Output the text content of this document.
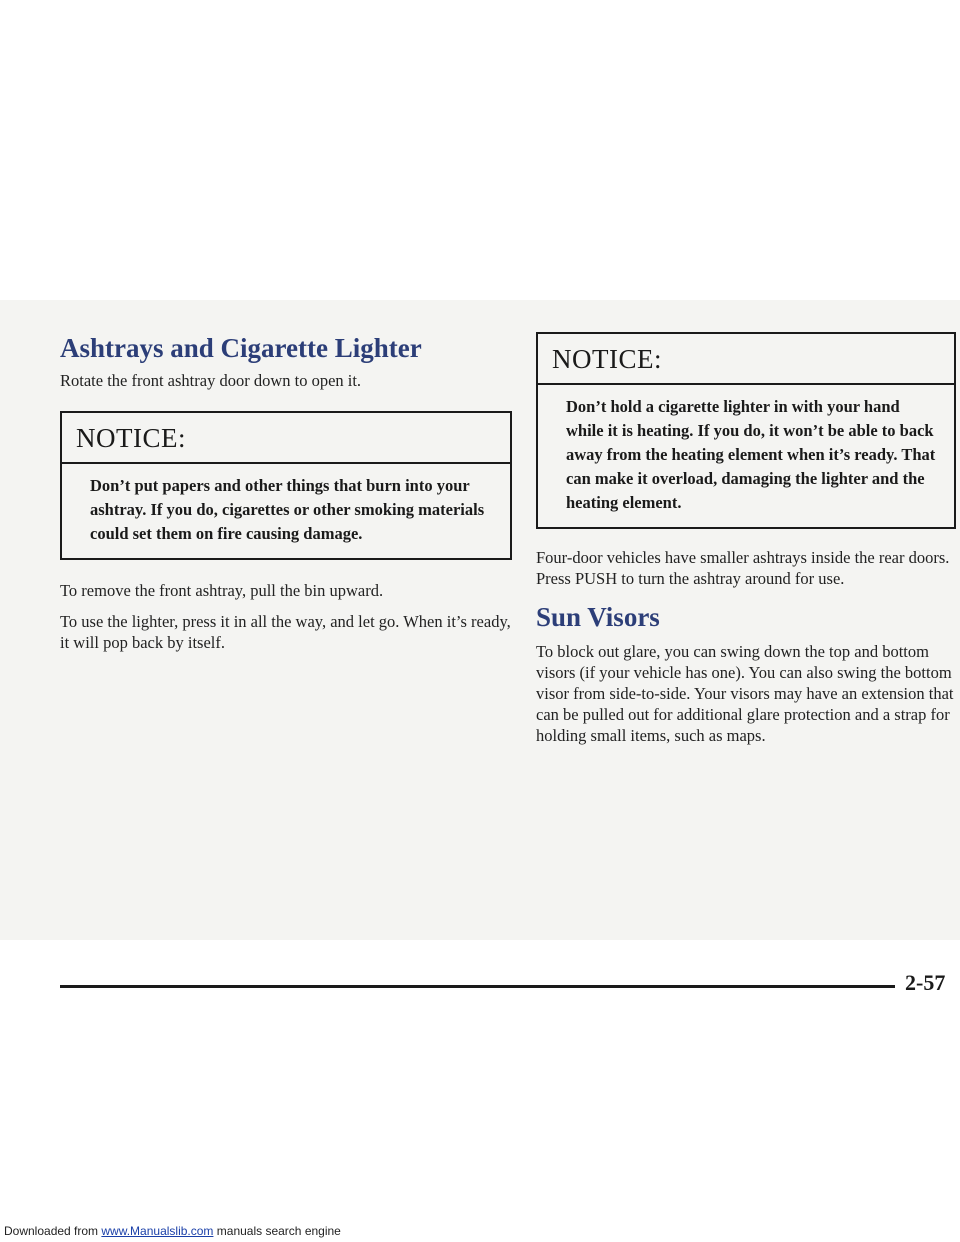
Ashtrays and Cigarette Lighter

Rotate the front ashtray door down to open it.

NOTICE:
Don’t put papers and other things that burn into your ashtray. If you do, cigarettes or other smoking materials could set them on fire causing damage.

To remove the front ashtray, pull the bin upward.

To use the lighter, press it in all the way, and let go. When it’s ready, it will pop back by itself.

NOTICE:
Don’t hold a cigarette lighter in with your hand while it is heating. If you do, it won’t be able to back away from the heating element when it’s ready. That can make it overload, damaging the lighter and the heating element.

Four-door vehicles have smaller ashtrays inside the rear doors. Press PUSH to turn the ashtray around for use.

Sun Visors

To block out glare, you can swing down the top and bottom visors (if your vehicle has one). You can also swing the bottom visor from side-to-side. Your visors may have an extension that can be pulled out for additional glare protection and a strap for holding small items, such as maps.

2-57
Downloaded from www.Manualslib.com manuals search engine
